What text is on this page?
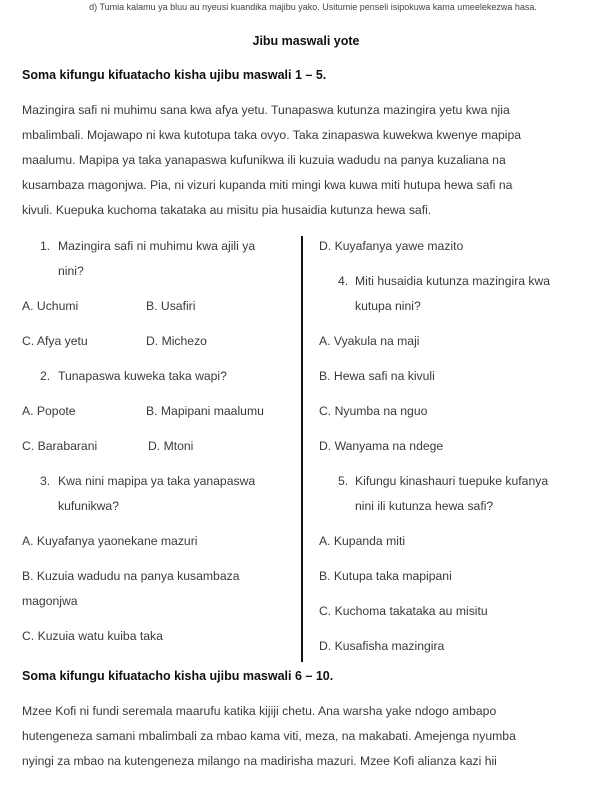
d) Tumia kalamu ya bluu au nyeusi kuandika majibu yako. Usitumie penseli isipokuwa kama umeelekezwa hasa.
Jibu maswali yote
Soma kifungu kifuatacho kisha ujibu maswali 1 – 5.
Mazingira safi ni muhimu sana kwa afya yetu. Tunapaswa kutunza mazingira yetu kwa njia
mbalimbali. Mojawapo ni kwa kutotupa taka ovyo. Taka zinapaswa kuwekwa kwenye mapipa
maalumu. Mapipa ya taka yanapaswa kufunikwa ili kuzuia wadudu na panya kuzaliana na
kusambaza magonjwa. Pia, ni vizuri kupanda miti mingi kwa kuwa miti hutupa hewa safi na
kivuli. Kuepuka kuchoma takataka au misitu pia husaidia kutunza hewa safi.
1. Mazingira safi ni muhimu kwa ajili ya
nini?
A. Uchumi	B. Usafiri
C. Afya yetu	D. Michezo
2. Tunapaswa kuweka taka wapi?
A. Popote	B. Mapipani maalumu
C. Barabarani	D. Mtoni
3. Kwa nini mapipa ya taka yanapaswa
kufunikwa?
A. Kuyafanya yaonekane mazuri
B. Kuzuia wadudu na panya kusambaza
magonjwa
C. Kuzuia watu kuiba taka
D. Kuyafanya yawe mazito
4. Miti husaidia kutunza mazingira kwa
kutupa nini?
A. Vyakula na maji
B. Hewa safi na kivuli
C. Nyumba na nguo
D. Wanyama na ndege
5. Kifungu kinashauri tuepuke kufanya
nini ili kutunza hewa safi?
A. Kupanda miti
B. Kutupa taka mapipani
C. Kuchoma takataka au misitu
D. Kusafisha mazingira
Soma kifungu kifuatacho kisha ujibu maswali 6 – 10.
Mzee Kofi ni fundi seremala maarufu katika kijiji chetu. Ana warsha yake ndogo ambapo
hutengeneza samani mbalimbali za mbao kama viti, meza, na makabati. Amejenga nyumba
nyingi za mbao na kutengeneza milango na madirisha mazuri. Mzee Kofi alianza kazi hii
